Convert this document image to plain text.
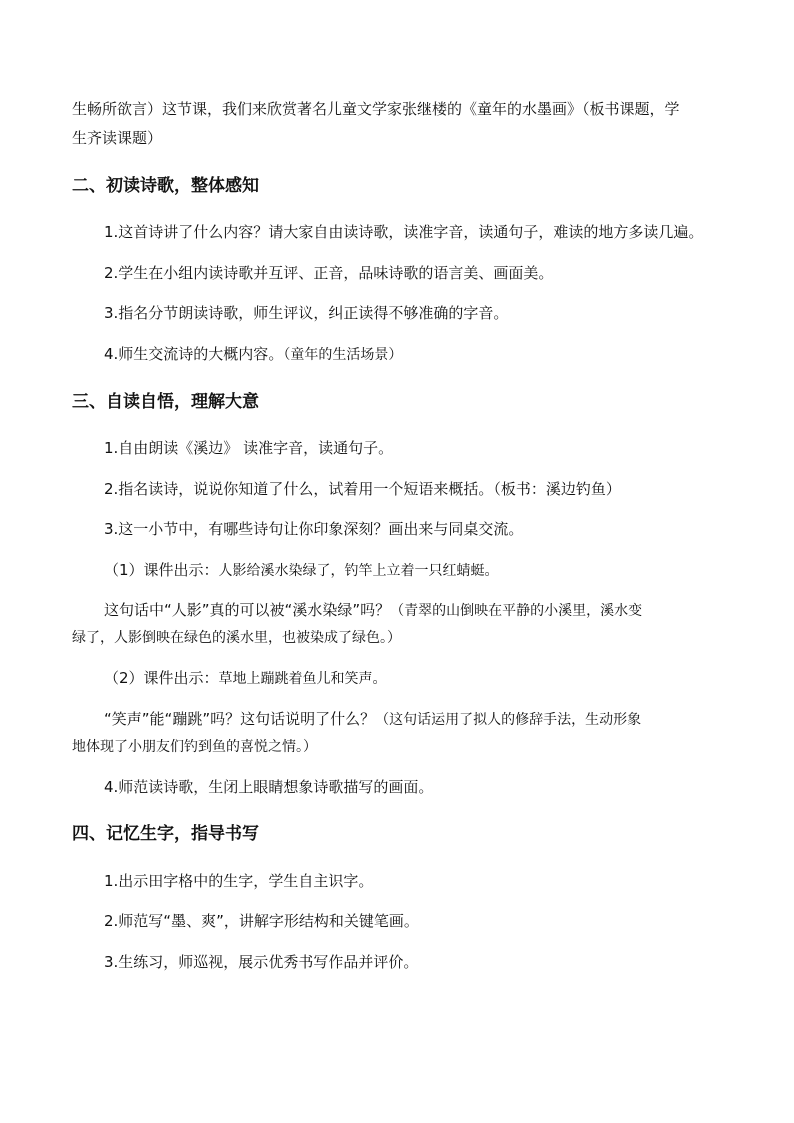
生畅所欲言）这节课，我们来欣赏著名儿童文学家张继楼的《童年的水墨画》（板书课题，学
生齐读课题）
二、初读诗歌，整体感知
1.这首诗讲了什么内容？请大家自由读诗歌，读准字音，读通句子，难读的地方多读几遍。
2.学生在小组内读诗歌并互评、正音，品味诗歌的语言美、画面美。
3.指名分节朗读诗歌，师生评议，纠正读得不够准确的字音。
4.师生交流诗的大概内容。（童年的生活场景）
三、自读自悟，理解大意
1.自由朗读《溪边》 读准字音，读通句子。
2.指名读诗，说说你知道了什么，试着用一个短语来概括。（板书：溪边钓鱼）
3.这一小节中，有哪些诗句让你印象深刻？画出来与同桌交流。
（1）课件出示：人影给溪水染绿了，钓竿上立着一只红蜻蜓。
这句话中“人影”真的可以被“溪水染绿”吗？（青翠的山倒映在平静的小溪里，溪水变
绿了，人影倒映在绿色的溪水里，也被染成了绿色。）
（2）课件出示：草地上蹦跳着鱼儿和笑声。
“笑声”能“蹦跳”吗？这句话说明了什么？（这句话运用了拟人的修辞手法，生动形象
地体现了小朋友们钓到鱼的喜悦之情。）
4.师范读诗歌，生闭上眼睛想象诗歌描写的画面。
四、记忆生字，指导书写
1.出示田字格中的生字，学生自主识字。
2.师范写“墨、爽”，讲解字形结构和关键笔画。
3.生练习，师巡视，展示优秀书写作品并评价。
